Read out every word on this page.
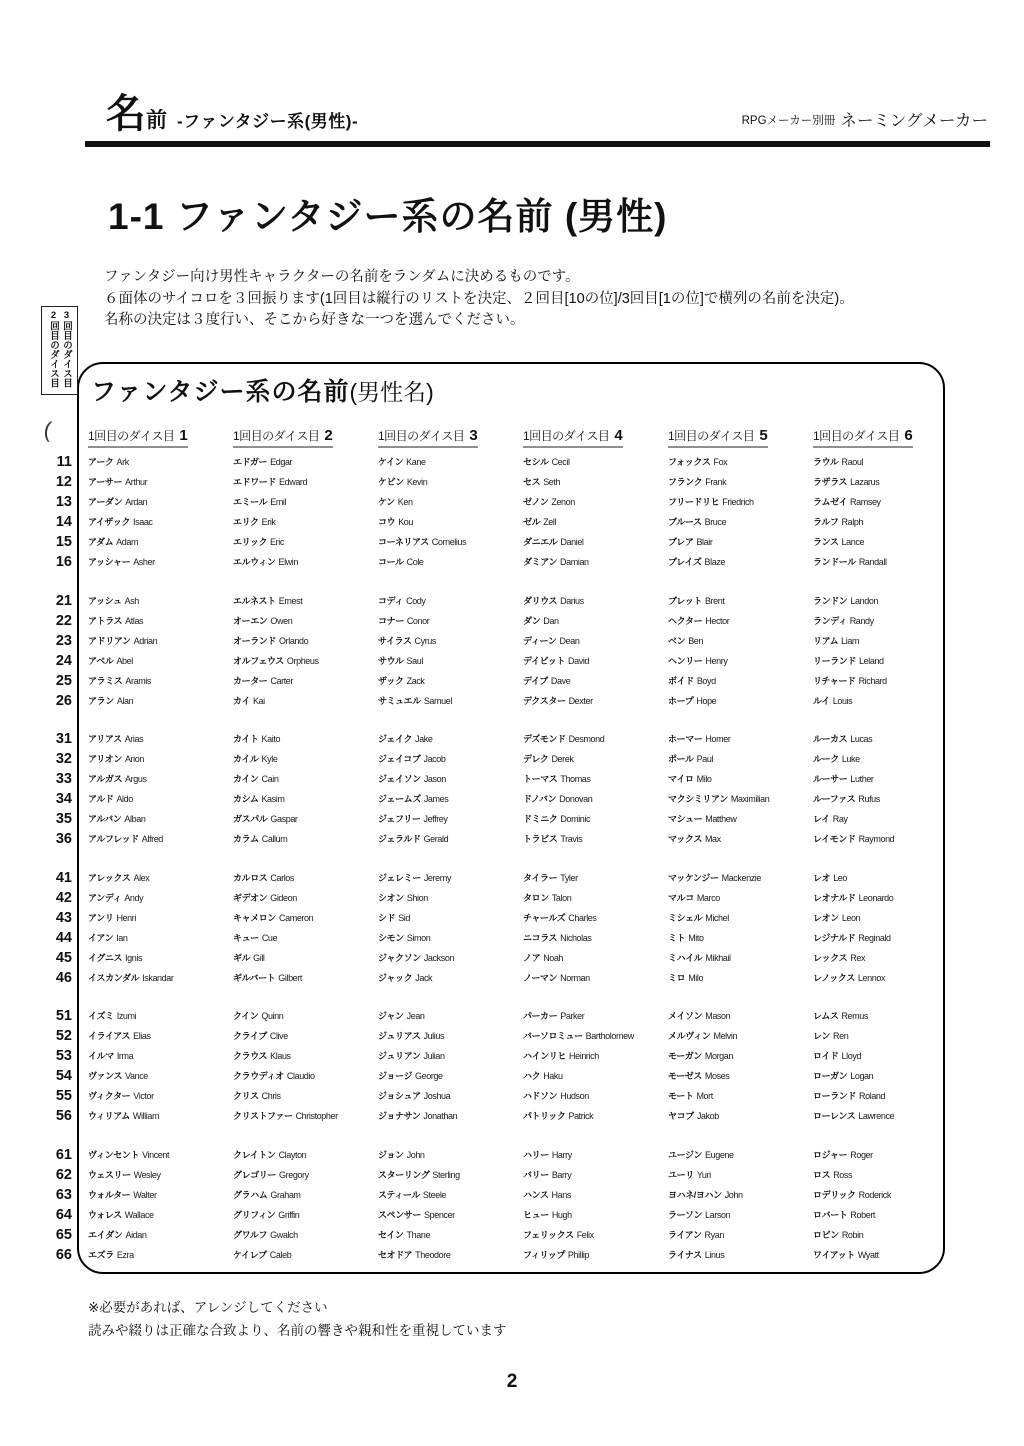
名 前 -ファンタジー系(男性)-	RPGメーカー別冊 ネーミングメーカー
1-1 ファンタジー系の名前 (男性)
ファンタジー向け男性キャラクターの名前をランダムに決めるものです。
６面体のサイコロを３回振ります(1回目は縦行のリストを決定、２回目[10の位]/3回目[1の位]で横列の名前を決定)。
名称の決定は３度行い、そこから好きな一つを選んでください。
2回目のダイス目 3回目のダイス目
(
ファンタジー系の名前(男性名)
1回目のダイス目 1	1回目のダイス目 2	1回目のダイス目 3	1回目のダイス目 4	1回目のダイス目 5	1回目のダイス目 6
11 アーク Ark	エドガー Edgar	ケイン Kane	セシル Cecil	フォックス Fox	ラウル Raoul
12 アーサー Arthur	エドワード Edward	ケビン Kevin	セス Seth	フランク Frank	ラザラス Lazarus
13 アーダン Ardan	エミール Emil	ケン Ken	ゼノン Zenon	フリードリヒ Friedrich	ラムゼイ Ramsey
14 アイザック Isaac	エリク Erik	コウ Kou	ゼル Zell	ブルース Bruce	ラルフ Ralph
15 アダム Adam	エリック Eric	コーネリアス Cornelius	ダニエル Daniel	ブレア Blair	ランス Lance
16 アッシャー Asher	エルウィン Elwin	コール Cole	ダミアン Damian	ブレイズ Blaze	ランドール Randall
21 アッシュ Ash	エルネスト Ernest	コディ Cody	ダリウス Darius	ブレット Brent	ランドン Landon
22 アトラス Atlas	オーエン Owen	コナー Conor	ダン Dan	ヘクター Hector	ランディ Randy
23 アドリアン Adrian	オーランド Orlando	サイラス Cyrus	ディーン Dean	ベン Ben	リアム Liam
24 アベル Abel	オルフェウス Orpheus	サウル Saul	デイビット David	ヘンリー Henry	リーランド Leland
25 アラミス Aramis	カーター Carter	ザック Zack	デイブ Dave	ボイド Boyd	リチャード Richard
26 アラン Alan	カイ Kai	サミュエル Samuel	デクスター Dexter	ホープ Hope	ルイ Louis
31 アリアス Arias	カイト Kaito	ジェイク Jake	デズモンド Desmond	ホーマー Homer	ルーカス Lucas
32 アリオン Arion	カイル Kyle	ジェイコブ Jacob	デレク Derek	ポール Paul	ルーク Luke
33 アルガス Argus	カイン Cain	ジェイソン Jason	トーマス Thomas	マイロ Milo	ルーサー Luther
34 アルド Aldo	カシム Kasim	ジェームズ James	ドノバン Donovan	マクシミリアン Maximilian	ルーファス Rufus
35 アルバン Alban	ガスパル Gaspar	ジェフリー Jeffrey	ドミニク Dominic	マシュー Matthew	レイ Ray
36 アルフレッド Alfred	カラム Callum	ジェラルド Gerald	トラビス Travis	マックス Max	レイモンド Raymond
41 アレックス Alex	カルロス Carlos	ジェレミー Jeremy	タイラー Tyler	マッケンジー Mackenzie	レオ Leo
42 アンディ Andy	ギデオン Gideon	シオン Shion	タロン Talon	マルコ Marco	レオナルド Leonardo
43 アンリ Henri	キャメロン Cameron	シド Sid	チャールズ Charles	ミシェル Michel	レオン Leon
44 イアン Ian	キュー Cue	シモン Simon	ニコラス Nicholas	ミト Mito	レジナルド Reginald
45 イグニス Ignis	ギル Gill	ジャクソン Jackson	ノア Noah	ミハイル Mikhail	レックス Rex
46 イスカンダル Iskandar	ギルバート Gilbert	ジャック Jack	ノーマン Norman	ミロ Milo	レノックス Lennox
51 イズミ Izumi	クイン Quinn	ジャン Jean	パーカー Parker	メイソン Mason	レムス Remus
52 イライアス Elias	クライブ Clive	ジュリアス Julius	バーソロミュー Bartholomew	メルヴィン Melvin	レン Ren
53 イルマ Irma	クラウス Klaus	ジュリアン Julian	ハインリヒ Heinrich	モーガン Morgan	ロイド Lloyd
54 ヴァンス Vance	クラウディオ Claudio	ジョージ George	ハク Haku	モーゼス Moses	ローガン Logan
55 ヴィクター Victor	クリス Chris	ジョシュア Joshua	ハドソン Hudson	モート Mort	ローランド Roland
56 ウィリアム William	クリストファー Christopher	ジョナサン Jonathan	パトリック Patrick	ヤコブ Jakob	ローレンス Lawrence
61 ヴィンセント Vincent	クレイトン Clayton	ジョン John	ハリー Harry	ユージン Eugene	ロジャー Roger
62 ウェスリー Wesley	グレゴリー Gregory	スターリング Sterling	バリー Barry	ユーリ Yuri	ロス Ross
63 ウォルター Walter	グラハム Graham	スティール Steele	ハンス Hans	ヨハネ/ヨハン John	ロデリック Roderick
64 ウォレス Wallace	グリフィン Griffin	スペンサー Spencer	ヒュー Hugh	ラーソン Larson	ロバート Robert
65 エイダン Aidan	グワルフ Gwalch	セイン Thane	フェリックス Felix	ライアン Ryan	ロビン Robin
66 エズラ Ezra	ケイレブ Caleb	セオドア Theodore	フィリップ Phillip	ライナス Linus	ワイアット Wyatt
※必要があれば、アレンジしてください
読みや綴りは正確な合致より、名前の響きや親和性を重視しています
2
